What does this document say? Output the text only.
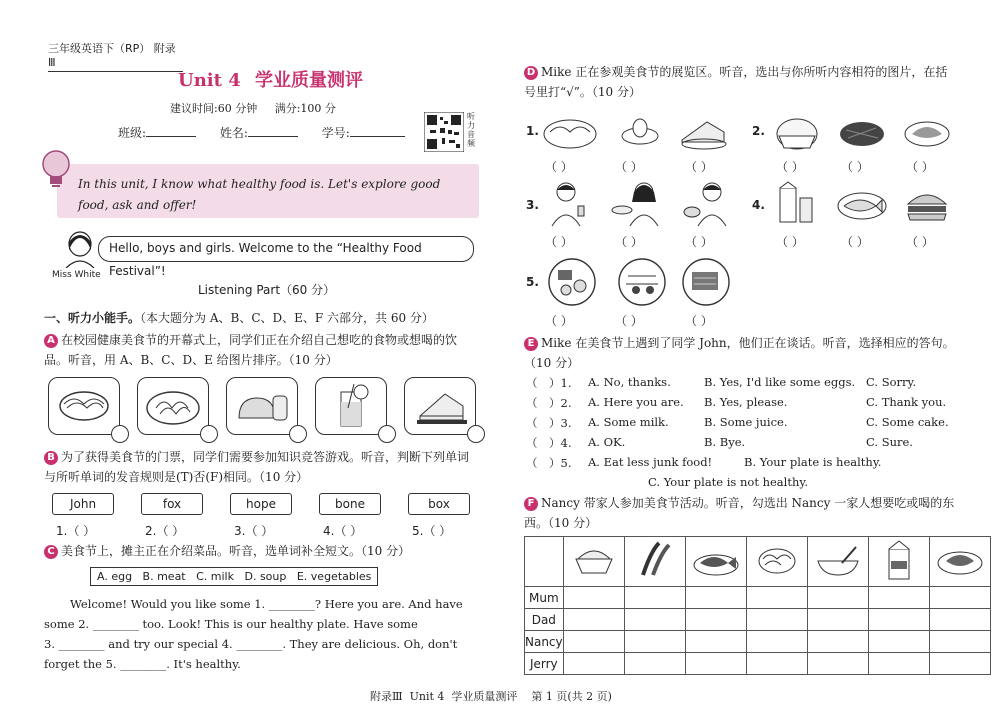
三年级英语下（RP） 附录Ⅲ
Unit 4 学业质量测评
建议时间:60 分钟 满分:100 分
班级:	姓名:	学号:
听力音频
In this unit, I know what healthy food is. Let's explore good food, ask and offer!
Miss White
Hello, boys and girls. Welcome to the “Healthy Food Festival”!
Listening Part（60 分）
一、听力小能手。（本大题分为 A、B、C、D、E、F 六部分，共 60 分）
A 在校园健康美食节的开幕式上，同学们正在介绍自己想吃的食物或想喝的饮品。听音，用 A、B、C、D、E 给图片排序。（10 分）
B 为了获得美食节的门票，同学们需要参加知识竞答游戏。听音，判断下列单词与所听单词的发音规则是(T)否(F)相同。（10 分）
John	fox	hope	bone	box
1.（ ）	2.（ ）	3.（ ）	4.（ ）	5.（ ）
C 美食节上，摊主正在介绍菜品。听音，选单词补全短文。（10 分）
A. egg   B. meat   C. milk   D. soup   E. vegetables
Welcome! Would you like some 1. ________? Here you are. And have
some 2. ________ too. Look! This is our healthy plate. Have some
3. ________ and try our special 4. ________. They are delicious. Oh, don't
forget the 5. ________. It's healthy.
D Mike 正在参观美食节的展览区。听音，选出与你所听内容相符的图片，在括号里打“√”。（10 分）
1.
（ ）	（ ）	（ ）
2.
（ ）	（ ）	（ ）
3.
（ ）	（ ）	（ ）
4.
（ ）	（ ）	（ ）
5.
（ ）	（ ）	（ ）
E Mike 在美食节上遇到了同学 John，他们正在谈话。听音，选择相应的答句。（10 分）
（　）1. A. No, thanks.	B. Yes, I'd like some eggs. C. Sorry.
（　）2. A. Here you are. B. Yes, please.	C. Thank you.
（　）3. A. Some milk.	B. Some juice.	C. Some cake.
（　）4. A. OK.	B. Bye.	C. Sure.
（　）5. A. Eat less junk food!	B. Your plate is healthy.
C. Your plate is not healthy.
F Nancy 带家人参加美食节活动。听音，勾选出 Nancy 一家人想要吃或喝的东西。（10 分）

Mum							
Dad							
Nancy							
Jerry							
附录Ⅲ  Unit 4  学业质量测评    第 1 页(共 2 页)
